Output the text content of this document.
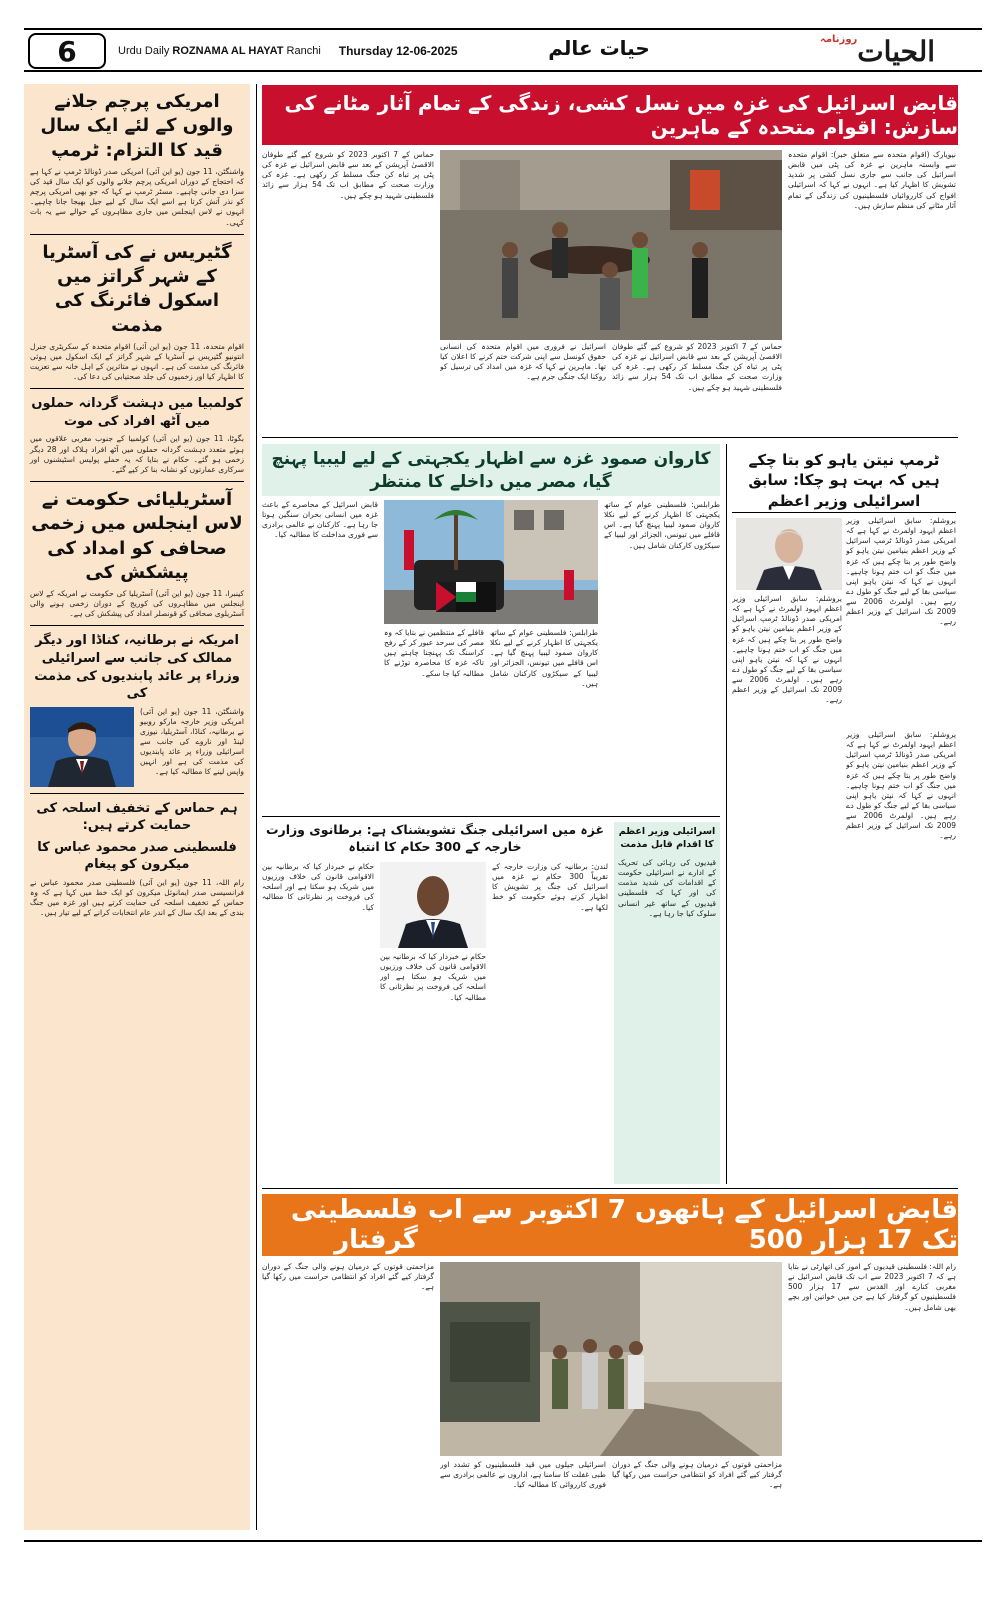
6	Urdu Daily ROZNAMA AL HAYAT Ranchi Thursday 12-06-2025	حیات عالم	الحیات
روزنامہ
امریکی پرچم جلانے والوں کے لئے ایک سال قید کا التزام: ٹرمپ
واشنگٹن، 11 جون (یو این آئی) امریکی صدر ڈونالڈ ٹرمپ نے کہا ہے کہ احتجاج کے دوران امریکی پرچم جلانے والوں کو ایک سال قید کی سزا دی جانی چاہیے۔ مسٹر ٹرمپ نے کہا کہ جو بھی امریکی پرچم کو نذر آتش کرتا ہے اسے ایک سال کے لیے جیل بھیجا جانا چاہیے۔ انہوں نے لاس اینجلس میں جاری مظاہروں کے حوالے سے یہ بات کہی۔
گٹیریس نے کی آسٹریا کے شہر گراتز میں اسکول فائرنگ کی مذمت
اقوام متحدہ، 11 جون (یو این آئی) اقوام متحدہ کے سکریٹری جنرل انتونیو گٹیریس نے آسٹریا کے شہر گراتز کے ایک اسکول میں ہوئی فائرنگ کی مذمت کی ہے۔ انہوں نے متاثرین کے اہل خانہ سے تعزیت کا اظہار کیا اور زخمیوں کی جلد صحتیابی کی دعا کی۔
کولمبیا میں دہشت گردانہ حملوں میں آٹھ افراد کی موت
بگوٹا، 11 جون (یو این آئی) کولمبیا کے جنوب مغربی علاقوں میں ہوئے متعدد دہشت گردانہ حملوں میں آٹھ افراد ہلاک اور 28 دیگر زخمی ہو گئے۔ حکام نے بتایا کہ یہ حملے پولیس اسٹیشنوں اور سرکاری عمارتوں کو نشانہ بنا کر کیے گئے۔
آسٹریلیائی حکومت نے لاس اینجلس میں زخمی صحافی کو امداد کی پیشکش کی
کینبرا، 11 جون (یو این آئی) آسٹریلیا کی حکومت نے امریکہ کے لاس اینجلس میں مظاہروں کی کوریج کے دوران زخمی ہونے والی آسٹریلوی صحافی کو قونصلر امداد کی پیشکش کی ہے۔
امریکہ نے برطانیہ، کناڈا اور دیگر ممالک کی جانب سے اسرائیلی وزراء پر عائد پابندیوں کی مذمت کی
واشنگٹن، 11 جون (یو این آئی) امریکی وزیر خارجہ مارکو روبیو نے برطانیہ، کناڈا، آسٹریلیا، نیوزی لینڈ اور ناروے کی جانب سے اسرائیلی وزراء پر عائد پابندیوں کی مذمت کی ہے اور انہیں واپس لینے کا مطالبہ کیا ہے۔
ہم حماس کے تخفیف اسلحہ کی حمایت کرتے ہیں:
فلسطینی صدر محمود عباس کا میکرون کو پیغام
رام اللہ، 11 جون (یو این آئی) فلسطینی صدر محمود عباس نے فرانسیسی صدر ایمانوئل میکرون کو ایک خط میں کہا ہے کہ وہ حماس کے تخفیف اسلحہ کی حمایت کرتے ہیں اور غزہ میں جنگ بندی کے بعد ایک سال کے اندر عام انتخابات کرانے کے لیے تیار ہیں۔
قابض اسرائیل کی غزہ میں نسل کشی، زندگی کے تمام آثار مٹانے کی سازش: اقوام متحدہ کے ماہرین
نیویارک (اقوام متحدہ سے متعلق خبر): اقوام متحدہ سے وابستہ ماہرین نے غزہ کی پٹی میں قابض اسرائیل کی جانب سے جاری نسل کشی پر شدید تشویش کا اظہار کیا ہے۔ انہوں نے کہا کہ اسرائیلی افواج کی کارروائیاں فلسطینیوں کی زندگی کے تمام آثار مٹانے کی منظم سازش ہیں۔
حماس کے 7 اکتوبر 2023 کو شروع کیے گئے طوفان الاقصیٰ آپریشن کے بعد سے قابض اسرائیل نے غزہ کی پٹی پر تباہ کن جنگ مسلط کر رکھی ہے۔ غزہ کی وزارت صحت کے مطابق اب تک 54 ہزار سے زائد فلسطینی شہید ہو چکے ہیں۔
حماس کے 7 اکتوبر 2023 کو شروع کیے گئے طوفان الاقصیٰ آپریشن کے بعد سے قابض اسرائیل نے غزہ کی پٹی پر تباہ کن جنگ مسلط کر رکھی ہے۔ غزہ کی وزارت صحت کے مطابق اب تک 54 ہزار سے زائد فلسطینی شہید ہو چکے ہیں۔
اسرائیل نے فروری میں اقوام متحدہ کی انسانی حقوق کونسل سے اپنی شرکت ختم کرنے کا اعلان کیا تھا۔ ماہرین نے کہا کہ غزہ میں امداد کی ترسیل کو روکنا ایک جنگی جرم ہے۔
کاروان صمود غزہ سے اظہار یکجہتی کے لیے لیبیا پہنچ گیا، مصر میں داخلے کا منتظر
طرابلس: فلسطینی عوام کے ساتھ یکجہتی کا اظہار کرنے کے لیے نکلا کاروان صمود لیبیا پہنچ گیا ہے۔ اس قافلے میں تیونس، الجزائر اور لیبیا کے سیکڑوں کارکنان شامل ہیں۔
قافلے کے منتظمین نے بتایا کہ وہ مصر کی سرحد عبور کر کے رفح کراسنگ تک پہنچنا چاہتے ہیں تاکہ غزہ کا محاصرہ توڑنے کا مطالبہ کیا جا سکے۔
طرابلس: فلسطینی عوام کے ساتھ یکجہتی کا اظہار کرنے کے لیے نکلا کاروان صمود لیبیا پہنچ گیا ہے۔ اس قافلے میں تیونس، الجزائر اور لیبیا کے سیکڑوں کارکنان شامل ہیں۔
قابض اسرائیل کے محاصرے کے باعث غزہ میں انسانی بحران سنگین ہوتا جا رہا ہے۔ کارکنان نے عالمی برادری سے فوری مداخلت کا مطالبہ کیا۔
ٹرمپ نیتن یاہو کو بتا چکے ہیں کہ بہت ہو چکا: سابق اسرائیلی وزیر اعظم
یروشلم: سابق اسرائیلی وزیر اعظم ایہود اولمرٹ نے کہا ہے کہ امریکی صدر ڈونالڈ ٹرمپ اسرائیل کے وزیر اعظم بنیامین نیتن یاہو کو واضح طور پر بتا چکے ہیں کہ غزہ میں جنگ کو اب ختم ہونا چاہیے۔ انہوں نے کہا کہ نیتن یاہو اپنی سیاسی بقا کے لیے جنگ کو طول دے رہے ہیں۔ اولمرٹ 2006 سے 2009 تک اسرائیل کے وزیر اعظم رہے۔
یروشلم: سابق اسرائیلی وزیر اعظم ایہود اولمرٹ نے کہا ہے کہ امریکی صدر ڈونالڈ ٹرمپ اسرائیل کے وزیر اعظم بنیامین نیتن یاہو کو واضح طور پر بتا چکے ہیں کہ غزہ میں جنگ کو اب ختم ہونا چاہیے۔ انہوں نے کہا کہ نیتن یاہو اپنی سیاسی بقا کے لیے جنگ کو طول دے رہے ہیں۔ اولمرٹ 2006 سے 2009 تک اسرائیل کے وزیر اعظم رہے۔
یروشلم: سابق اسرائیلی وزیر اعظم ایہود اولمرٹ نے کہا ہے کہ امریکی صدر ڈونالڈ ٹرمپ اسرائیل کے وزیر اعظم بنیامین نیتن یاہو کو واضح طور پر بتا چکے ہیں کہ غزہ میں جنگ کو اب ختم ہونا چاہیے۔ انہوں نے کہا کہ نیتن یاہو اپنی سیاسی بقا کے لیے جنگ کو طول دے رہے ہیں۔ اولمرٹ 2006 سے 2009 تک اسرائیل کے وزیر اعظم رہے۔
غزہ میں اسرائیلی جنگ تشویشناک ہے: برطانوی وزارت خارجہ کے 300 حکام کا انتباہ
لندن: برطانیہ کی وزارت خارجہ کے تقریباً 300 حکام نے غزہ میں اسرائیل کی جنگ پر تشویش کا اظہار کرتے ہوئے حکومت کو خط لکھا ہے۔
حکام نے خبردار کیا کہ برطانیہ بین الاقوامی قانون کی خلاف ورزیوں میں شریک ہو سکتا ہے اور اسلحہ کی فروخت پر نظرثانی کا مطالبہ کیا۔
حکام نے خبردار کیا کہ برطانیہ بین الاقوامی قانون کی خلاف ورزیوں میں شریک ہو سکتا ہے اور اسلحہ کی فروخت پر نظرثانی کا مطالبہ کیا۔
اسرائیلی وزیر اعظم کا اقدام قابل مذمت
قیدیوں کی رہائی کی تحریک کے ادارے نے اسرائیلی حکومت کے اقدامات کی شدید مذمت کی اور کہا کہ فلسطینی قیدیوں کے ساتھ غیر انسانی سلوک کیا جا رہا ہے۔
قابض اسرائیل کے ہاتھوں 7 اکتوبر سے اب تک 17 ہزار 500

فلسطینی گرفتار
رام اللہ: فلسطینی قیدیوں کے امور کی اتھارٹی نے بتایا ہے کہ 7 اکتوبر 2023 سے اب تک قابض اسرائیل نے مغربی کنارے اور القدس سے 17 ہزار 500 فلسطینیوں کو گرفتار کیا ہے جن میں خواتین اور بچے بھی شامل ہیں۔
مزاحمتی قوتوں کے درمیان ہونے والی جنگ کے دوران گرفتار کیے گئے افراد کو انتظامی حراست میں رکھا گیا ہے۔
مزاحمتی قوتوں کے درمیان ہونے والی جنگ کے دوران گرفتار کیے گئے افراد کو انتظامی حراست میں رکھا گیا ہے۔
اسرائیلی جیلوں میں قید فلسطینیوں کو تشدد اور طبی غفلت کا سامنا ہے، اداروں نے عالمی برادری سے فوری کارروائی کا مطالبہ کیا۔
